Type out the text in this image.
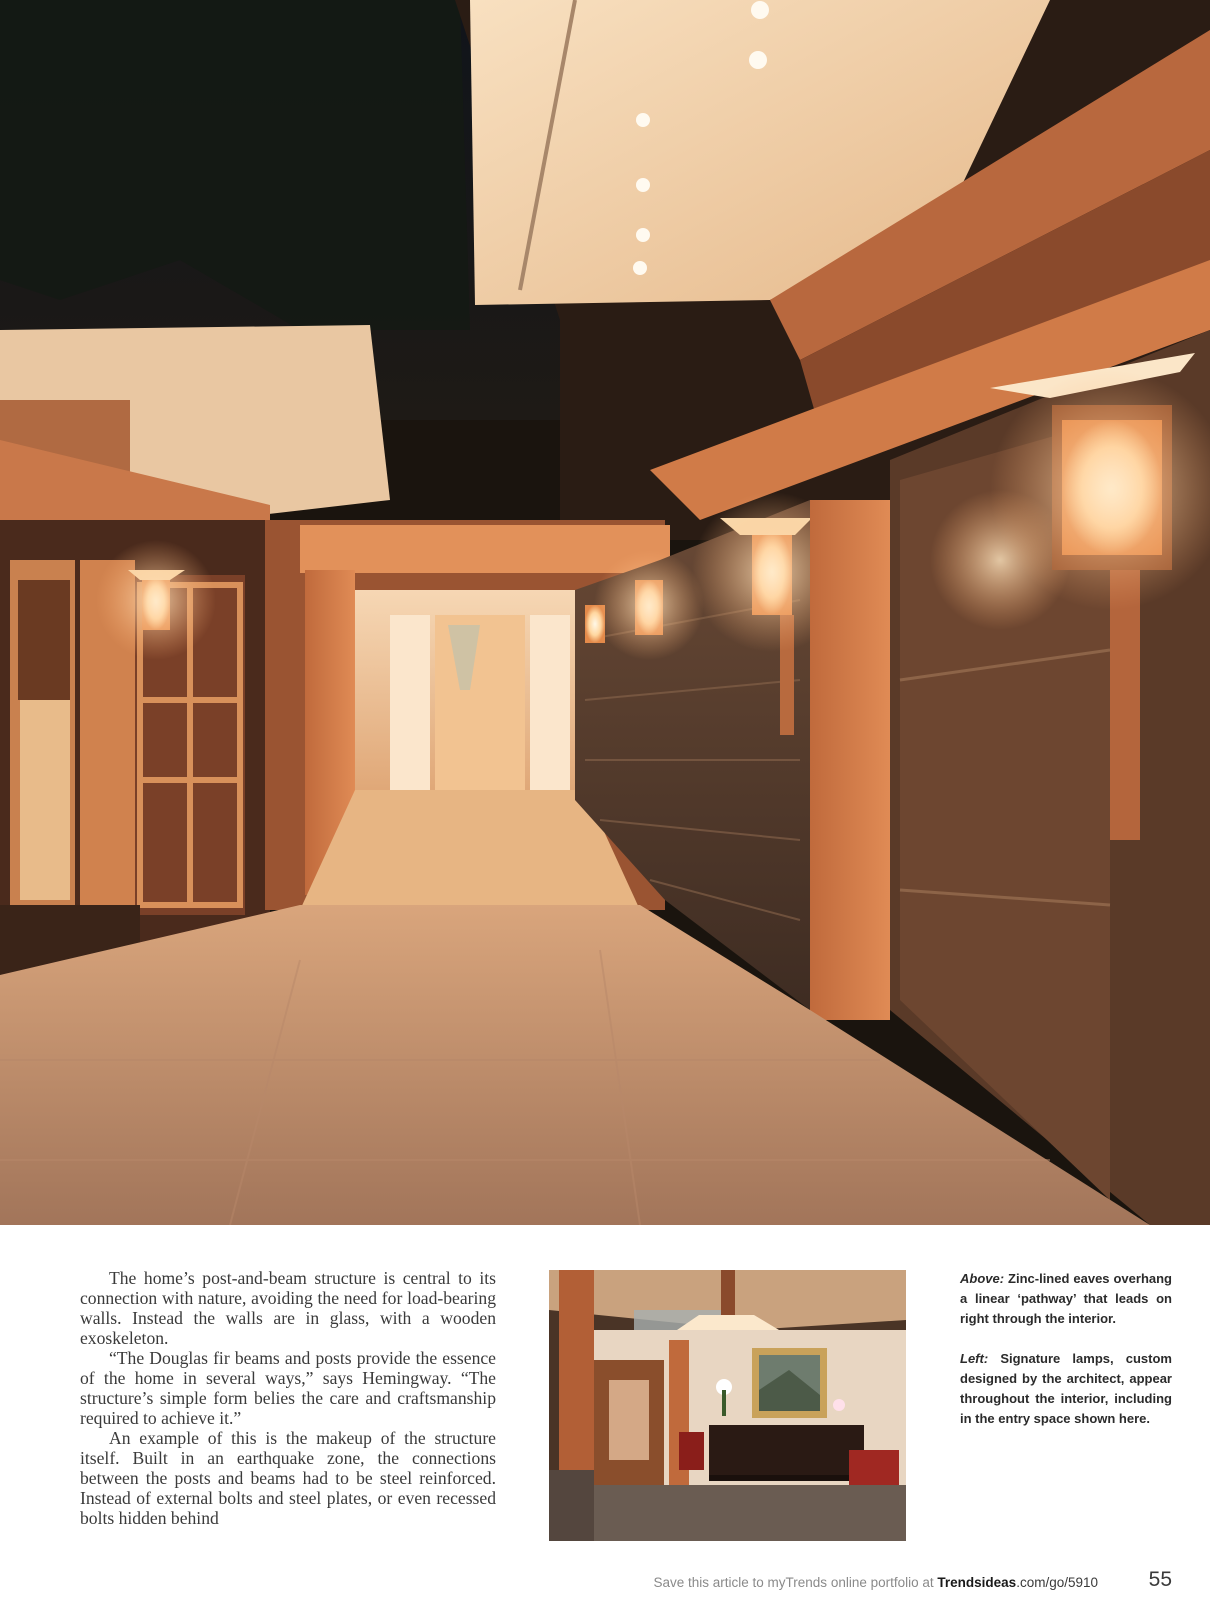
The home’s post-and-beam structure is central to its connection with nature, avoiding the need for load-bearing walls. Instead the walls are in glass, with a wooden exoskeleton.

“The Douglas fir beams and posts provide the essence of the home in several ways,” says Hemingway. “The structure’s simple form belies the care and craftsmanship required to achieve it.”

An example of this is the makeup of the structure itself. Built in an earthquake zone, the connections between the posts and beams had to be steel reinforced. Instead of external bolts and steel plates, or even recessed bolts hidden behind

Above: Zinc-lined eaves overhang a linear ‘pathway’ that leads on right through the interior.
Left: Signature lamps, custom designed by the architect, appear throughout the interior, including in the entry space shown here.
Save this article to myTrends online portfolio at Trendsideas.com/go/5910 55
